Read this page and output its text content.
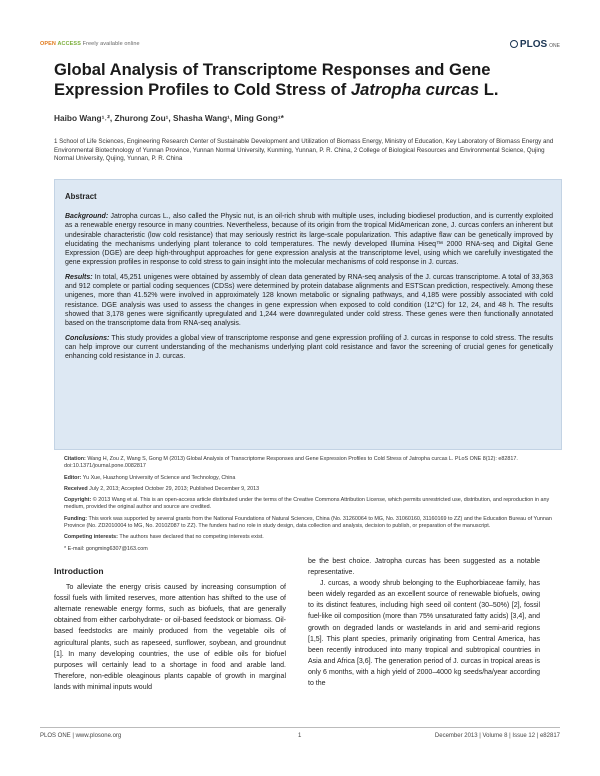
OPEN ACCESS Freely available online	PLOS ONE
Global Analysis of Transcriptome Responses and Gene Expression Profiles to Cold Stress of Jatropha curcas L.
Haibo Wang¹˒², Zhurong Zou¹, Shasha Wang¹, Ming Gong¹*
1 School of Life Sciences, Engineering Research Center of Sustainable Development and Utilization of Biomass Energy, Ministry of Education, Key Laboratory of Biomass Energy and Environmental Biotechnology of Yunnan Province, Yunnan Normal University, Kunming, Yunnan, P. R. China, 2 College of Biological Resources and Environmental Science, Qujing Normal University, Qujing, Yunnan, P. R. China
Abstract

Background: Jatropha curcas L., also called the Physic nut, is an oil-rich shrub with multiple uses, including biodiesel production, and is currently exploited as a renewable energy resource in many countries. Nevertheless, because of its origin from the tropical MidAmerican zone, J. curcas confers an inherent but undesirable characteristic (low cold resistance) that may seriously restrict its large-scale popularization. This adaptive flaw can be genetically improved by elucidating the mechanisms underlying plant tolerance to cold temperatures. The newly developed Illumina Hiseq™ 2000 RNA-seq and Digital Gene Expression (DGE) are deep high-throughput approaches for gene expression analysis at the transcriptome level, using which we carefully investigated the gene expression profiles in response to cold stress to gain insight into the molecular mechanisms of cold response in J. curcas.

Results: In total, 45,251 unigenes were obtained by assembly of clean data generated by RNA-seq analysis of the J. curcas transcriptome. A total of 33,363 and 912 complete or partial coding sequences (CDSs) were determined by protein database alignments and ESTScan prediction, respectively. Among these unigenes, more than 41.52% were involved in approximately 128 known metabolic or signaling pathways, and 4,185 were possibly associated with cold resistance. DGE analysis was used to assess the changes in gene expression when exposed to cold condition (12°C) for 12, 24, and 48 h. The results showed that 3,178 genes were significantly upregulated and 1,244 were downregulated under cold stress. These genes were then functionally annotated based on the transcriptome data from RNA-seq analysis.

Conclusions: This study provides a global view of transcriptome response and gene expression profiling of J. curcas in response to cold stress. The results can help improve our current understanding of the mechanisms underlying plant cold resistance and favor the screening of crucial genes for genetically enhancing cold resistance in J. curcas.

Citation: Wang H, Zou Z, Wang S, Gong M (2013) Global Analysis of Transcriptome Responses and Gene Expression Profiles to Cold Stress of Jatropha curcas L. PLoS ONE 8(12): e82817. doi:10.1371/journal.pone.0082817
Editor: Yu Xue, Huazhong University of Science and Technology, China
Received July 2, 2013; Accepted October 29, 2013; Published December 9, 2013
Copyright: © 2013 Wang et al. This is an open-access article distributed under the terms of the Creative Commons Attribution License, which permits unrestricted use, distribution, and reproduction in any medium, provided the original author and source are credited.
Funding: This work was supported by several grants from the National Foundations of Natural Sciences, China (No. 31260064 to MG, No. 31060160, 31160169 to ZZ) and the Education Bureau of Yunnan Province (No. ZD2010004 to MG, No. 2010Z087 to ZZ). The funders had no role in study design, data collection and analysis, decision to publish, or preparation of the manuscript.
Competing interests: The authors have declared that no competing interests exist.
* E-mail: gongming6307@163.com
Introduction

To alleviate the energy crisis caused by increasing consumption of fossil fuels with limited reserves, more attention has shifted to the use of alternate renewable energy forms, such as biofuels, that are generally obtained from either carbohydrate- or oil-based feedstock or biomass. Oil-based feedstocks are mainly produced from the vegetable oils of agricultural plants, such as rapeseed, sunflower, soybean, and groundnut [1]. In many developing countries, the use of edible oils for biofuel purposes will certainly lead to a shortage in food and arable land. Therefore, non-edible oleaginous plants capable of growth in marginal lands with minimal inputs would

be the best choice. Jatropha curcas has been suggested as a notable representative.

J. curcas, a woody shrub belonging to the Euphorbiaceae family, has been widely regarded as an excellent source of renewable biofuels, owing to its distinct features, including high seed oil content (30–50%) [2], fossil fuel-like oil composition (more than 75% unsaturated fatty acids) [3,4], and growth on degraded lands or wastelands in arid and semi-arid regions [1,5]. This plant species, primarily originating from Central America, has been recently introduced into many tropical and subtropical countries in Asia and Africa [3,6]. The generation period of J. curcas in tropical areas is only 6 months, with a high yield of 2000–4000 kg seeds/ha/year according to the

PLOS ONE | www.plosone.org	1	December 2013 | Volume 8 | Issue 12 | e82817
